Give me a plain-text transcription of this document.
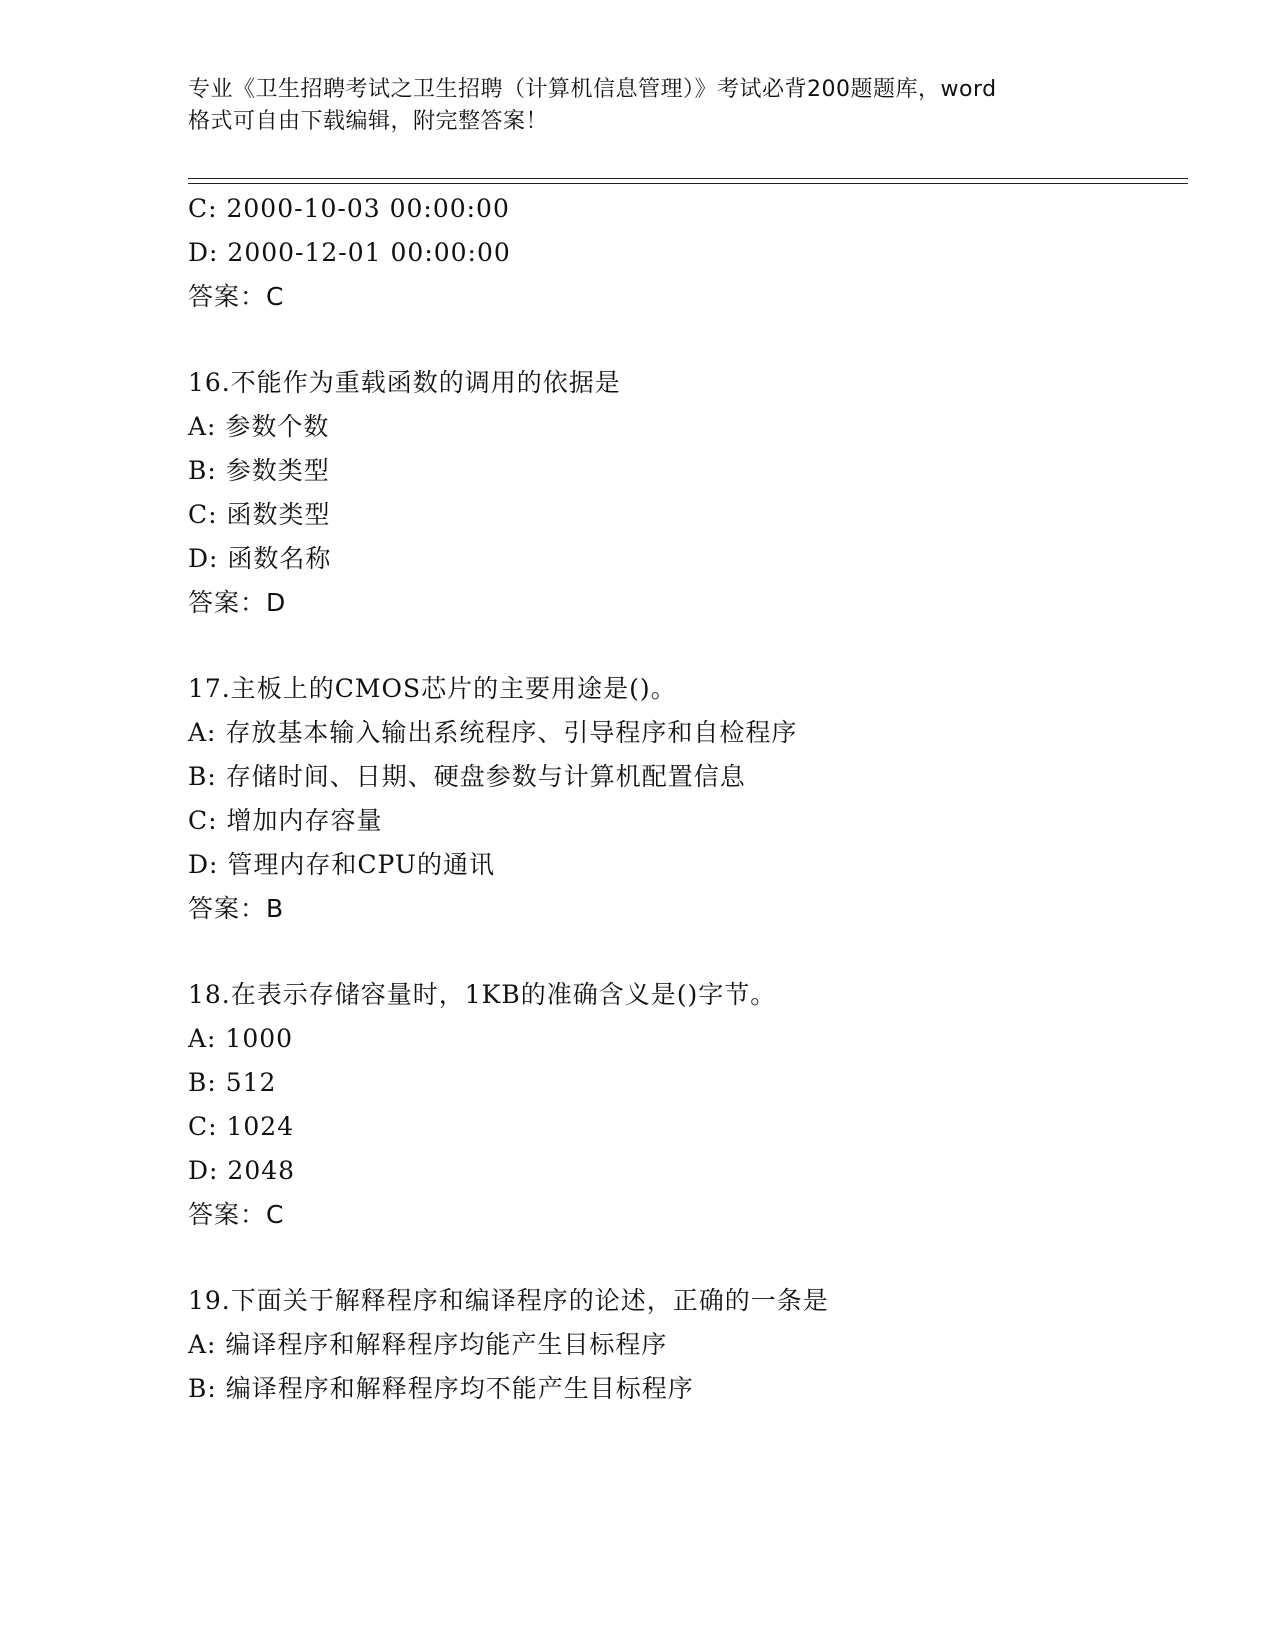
专业《卫生招聘考试之卫生招聘（计算机信息管理）》考试必背200题题库，word
格式可自由下载编辑，附完整答案！
C: 2000-10-03 00:00:00
D: 2000-12-01 00:00:00
答案：C
16.不能作为重载函数的调用的依据是
A: 参数个数
B: 参数类型
C: 函数类型
D: 函数名称
答案：D
17.主板上的CMOS芯片的主要用途是()。
A: 存放基本输入输出系统程序、引导程序和自检程序
B: 存储时间、日期、硬盘参数与计算机配置信息
C: 增加内存容量
D: 管理内存和CPU的通讯
答案：B
18.在表示存储容量时，1KB的准确含义是()字节。
A: 1000
B: 512
C: 1024
D: 2048
答案：C
19.下面关于解释程序和编译程序的论述，正确的一条是
A: 编译程序和解释程序均能产生目标程序
B: 编译程序和解释程序均不能产生目标程序
